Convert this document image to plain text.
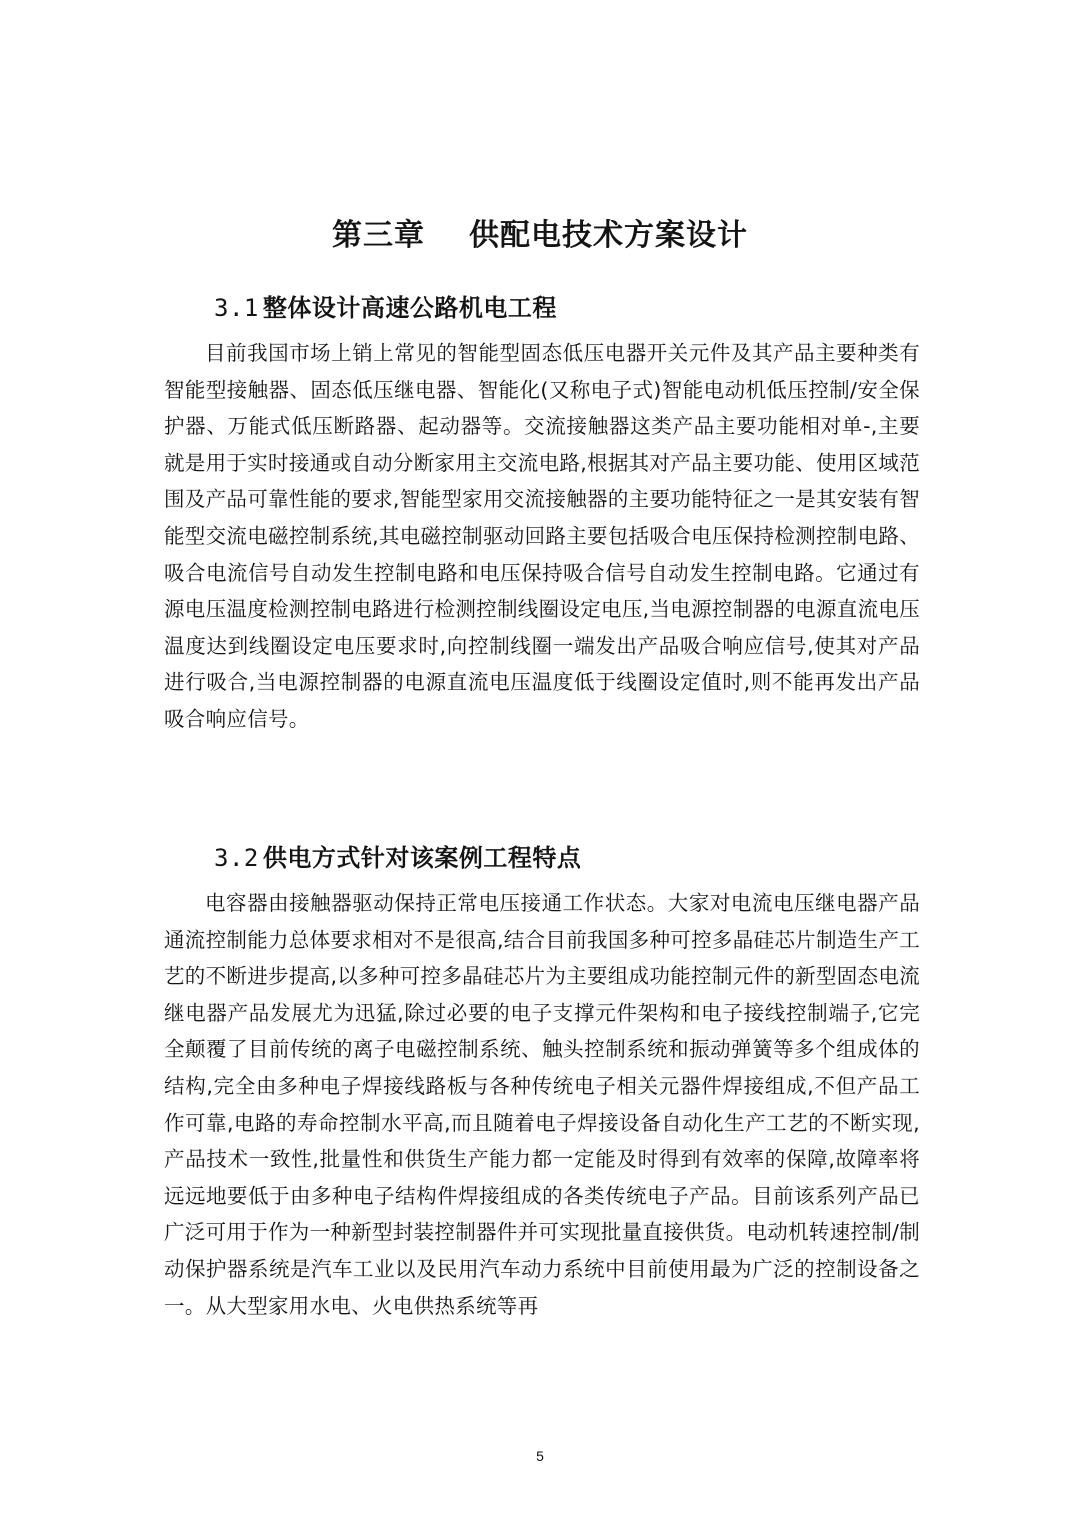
第三章 供配电技术方案设计
3.1 整体设计高速公路机电工程

目前我国市场上销上常见的智能型固态低压电器开关元件及其产品主要种类有智能型接触器、固态低压继电器、智能化(又称电子式)智能电动机低压控制/安全保护器、万能式低压断路器、起动器等。交流接触器这类产品主要功能相对单-,主要就是用于实时接通或自动分断家用主交流电路,根据其对产品主要功能、使用区域范围及产品可靠性能的要求,智能型家用交流接触器的主要功能特征之一是其安装有智能型交流电磁控制系统,其电磁控制驱动回路主要包括吸合电压保持检测控制电路、吸合电流信号自动发生控制电路和电压保持吸合信号自动发生控制电路。它通过有源电压温度检测控制电路进行检测控制线圈设定电压,当电源控制器的电源直流电压温度达到线圈设定电压要求时,向控制线圈一端发出产品吸合响应信号,使其对产品进行吸合,当电源控制器的电源直流电压温度低于线圈设定值时,则不能再发出产品吸合响应信号。

3.2 供电方式针对该案例工程特点

电容器由接触器驱动保持正常电压接通工作状态。大家对电流电压继电器产品通流控制能力总体要求相对不是很高,结合目前我国多种可控多晶硅芯片制造生产工艺的不断进步提高,以多种可控多晶硅芯片为主要组成功能控制元件的新型固态电流继电器产品发展尤为迅猛,除过必要的电子支撑元件架构和电子接线控制端子,它完全颠覆了目前传统的离子电磁控制系统、触头控制系统和振动弹簧等多个组成体的结构,完全由多种电子焊接线路板与各种传统电子相关元器件焊接组成,不但产品工作可靠,电路的寿命控制水平高,而且随着电子焊接设备自动化生产工艺的不断实现,产品技术一致性,批量性和供货生产能力都一定能及时得到有效率的保障,故障率将远远地要低于由多种电子结构件焊接组成的各类传统电子产品。目前该系列产品已广泛可用于作为一种新型封装控制器件并可实现批量直接供货。电动机转速控制/制动保护器系统是汽车工业以及民用汽车动力系统中目前使用最为广泛的控制设备之一。从大型家用水电、火电供热系统等再

5
